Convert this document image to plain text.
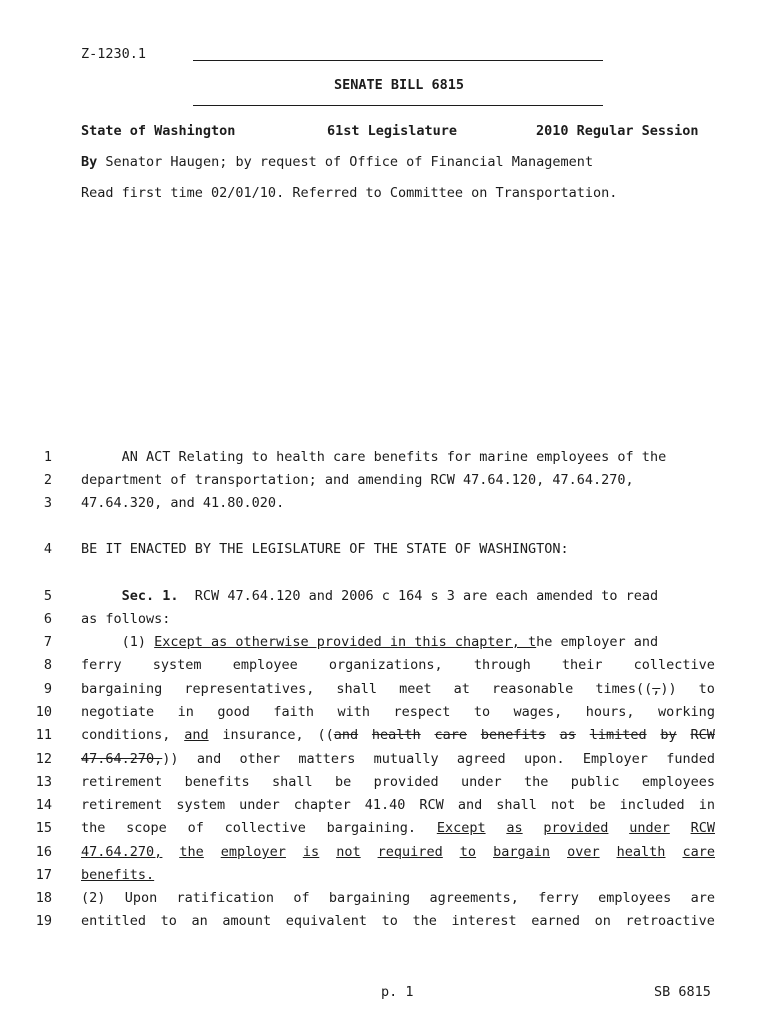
Z-1230.1
SENATE BILL 6815
State of Washington	61st Legislature	2010 Regular Session
By Senator Haugen; by request of Office of Financial Management
Read first time 02/01/10. Referred to Committee on Transportation.
1 AN ACT Relating to health care benefits for marine employees of the
2 department of transportation; and amending RCW 47.64.120, 47.64.270,
3 47.64.320, and 41.80.020.
4 BE IT ENACTED BY THE LEGISLATURE OF THE STATE OF WASHINGTON:
5	Sec. 1.  RCW 47.64.120 and 2006 c 164 s 3 are each amended to read
6 as follows:
7 (1) Except as otherwise provided in this chapter, the employer and
8
9
10
11
12
13
14
15
16
17 benefits.
18
19
ferry system employee organizations, through their collective
bargaining representatives, shall meet at reasonable times((,)) to
negotiate in good faith with respect to wages, hours, working
conditions, and insurance, ((and health care benefits as limited by RCW
47.64.270,)) and other matters mutually agreed upon. Employer funded
retirement benefits shall be provided under the public employees
retirement system under chapter 41.40 RCW and shall not be included in
the scope of collective bargaining. Except as provided under RCW
47.64.270, the employer is not required to bargain over health care
(2) Upon ratification of bargaining agreements, ferry employees are
entitled to an amount equivalent to the interest earned on retroactive
p. 1	SB 6815
